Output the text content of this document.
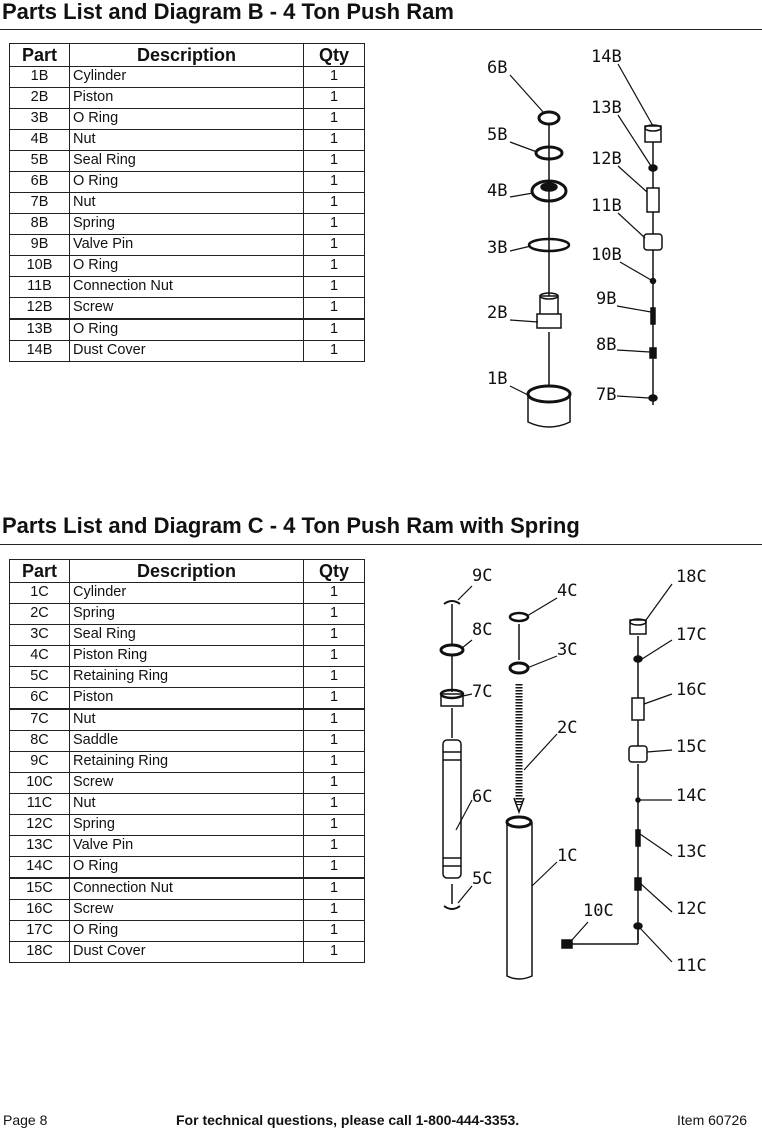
Parts List and Diagram B - 4 Ton Push Ram
Part	Description	Qty
1B	Cylinder	1
2B	Piston	1
3B	O Ring	1
4B	Nut	1
5B	Seal Ring	1
6B	O Ring	1
7B	Nut	1
8B	Spring	1
9B	Valve Pin	1
10B	O Ring	1
11B	Connection Nut	1
12B	Screw	1
13B	O Ring	1
14B	Dust Cover	1
6B
5B
4B
3B
2B
1B
14B
13B
12B
11B
10B
9B
8B
7B
Parts List and Diagram C - 4 Ton Push Ram with Spring
Part	Description	Qty
1C	Cylinder	1
2C	Spring	1
3C	Seal Ring	1
4C	Piston Ring	1
5C	Retaining Ring	1
6C	Piston	1
7C	Nut	1
8C	Saddle	1
9C	Retaining Ring	1
10C	Screw	1
11C	Nut	1
12C	Spring	1
13C	Valve Pin	1
14C	O Ring	1
15C	Connection Nut	1
16C	Screw	1
17C	O Ring	1
18C	Dust Cover	1
9C
8C
7C
6C
5C
4C
3C
2C
1C
10C
18C
17C
16C
15C
14C
13C
12C
11C
Page 8	For technical questions, please call 1-800-444-3353.	Item 60726
